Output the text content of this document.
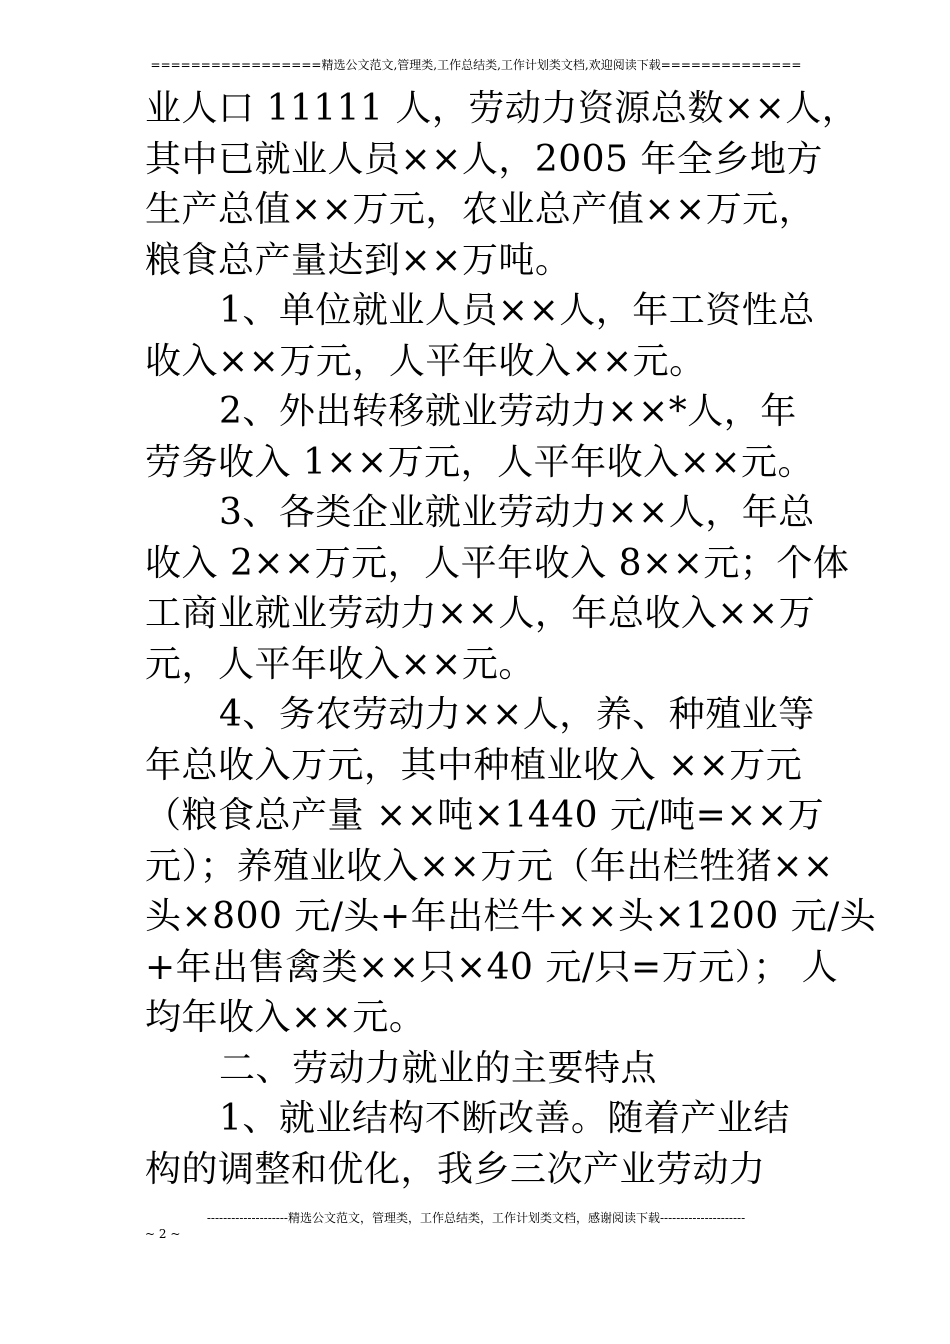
=================精选公文范文,管理类,工作总结类,工作计划类文档,欢迎阅读下载==============
业人口 11111 人，劳动力资源总数××人，
其中已就业人员××人，2005 年全乡地方
生产总值××万元，农业总产值××万元，
粮食总产量达到××万吨。
1、单位就业人员××人，年工资性总
收入××万元，人平年收入××元。
2、外出转移就业劳动力××*人，年
劳务收入 1××万元，人平年收入××元。
3、各类企业就业劳动力××人，年总
收入 2××万元，人平年收入 8××元；个体
工商业就业劳动力××人，年总收入××万
元，人平年收入××元。
4、务农劳动力××人，养、种殖业等
年总收入万元，其中种植业收入 ××万元
（粮食总产量 ××吨×1440 元/吨=××万
元）；养殖业收入××万元（年出栏牲猪××
头×800 元/头+年出栏牛××头×1200 元/头
+年出售禽类××只×40 元/只=万元）； 人
均年收入××元。
二、劳动力就业的主要特点
1、就业结构不断改善。随着产业结
构的调整和优化，我乡三次产业劳动力
--------------------精选公文范文，管理类，工作总结类，工作计划类文档，感谢阅读下载---------------------
~ 2 ~
